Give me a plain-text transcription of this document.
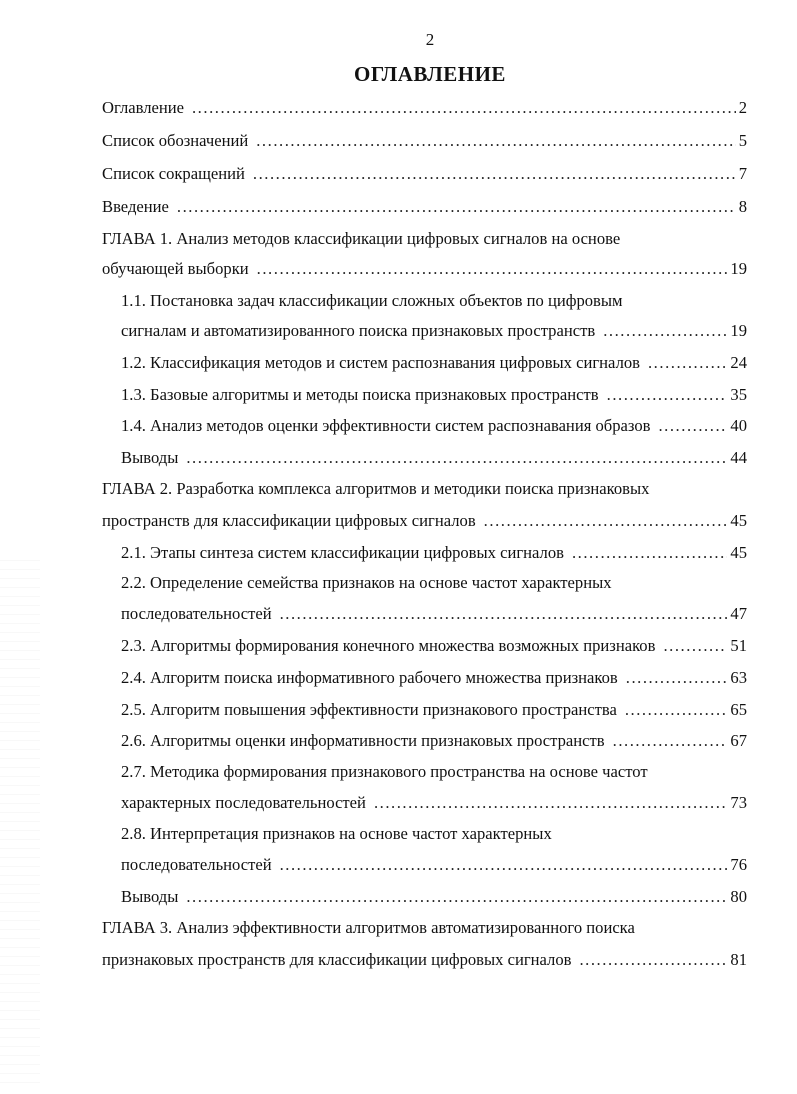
2
ОГЛАВЛЕНИЕ
Оглавление . . .	2
Список обозначений . . .	5
Список сокращений . . .	7
Введение . . .	8
ГЛАВА 1. Анализ методов классификации цифровых сигналов на основе
обучающей выборки . . .	19
1.1. Постановка задач классификации сложных объектов по цифровым
сигналам и автоматизированного поиска признаковых пространств . . .	19
1.2. Классификация методов и систем распознавания цифровых сигналов . . .	24
1.3. Базовые алгоритмы и методы поиска признаковых пространств . . .	35
1.4. Анализ методов оценки эффективности систем распознавания образов . . .	40
Выводы . . .	44
ГЛАВА 2. Разработка комплекса алгоритмов и методики поиска признаковых
пространств для классификации цифровых сигналов . . .	45
2.1. Этапы синтеза систем классификации цифровых сигналов . . .	45
2.2. Определение семейства признаков на основе частот характерных
последовательностей . . .	47
2.3. Алгоритмы формирования конечного множества возможных признаков . . .	51
2.4. Алгоритм поиска информативного рабочего множества признаков . . .	63
2.5. Алгоритм повышения эффективности признакового пространства . . .	65
2.6. Алгоритмы оценки информативности признаковых пространств . . .	67
2.7. Методика формирования признакового пространства на основе частот
характерных последовательностей . . .	73
2.8. Интерпретация признаков на основе частот характерных
последовательностей . . .	76
Выводы . . .	80
ГЛАВА 3. Анализ эффективности алгоритмов автоматизированного поиска
признаковых пространств для классификации цифровых сигналов . . .	81
